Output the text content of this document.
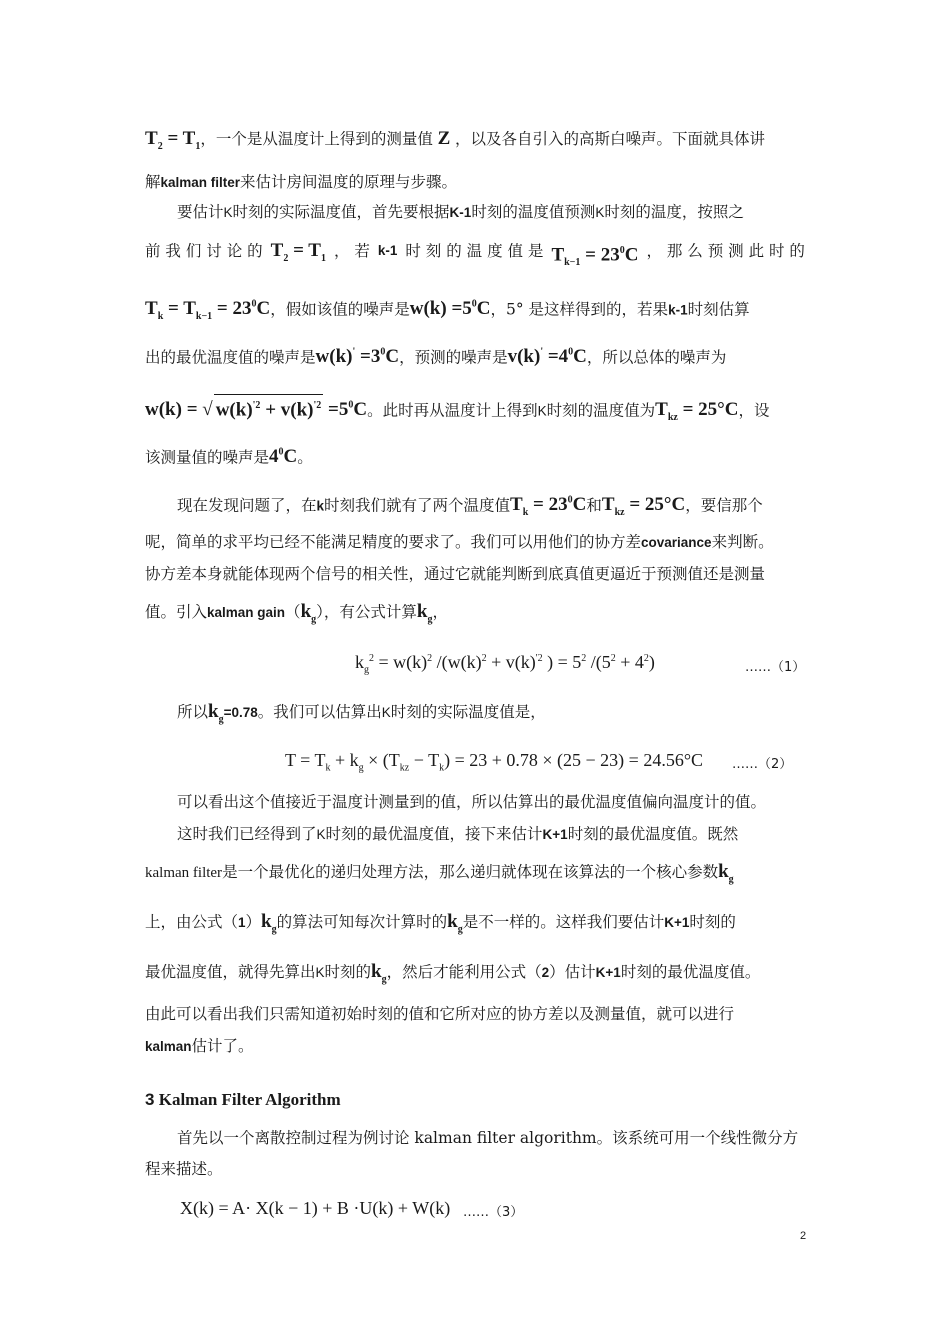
$T_2 = T_1$，一个是从温度计上得到的测量值 Z ，以及各自引入的高斯白噪声。下面就具体讲
解kalman filter来估计房间温度的原理与步骤。
要估计K时刻的实际温度值，首先要根据K-1时刻的温度值预测K时刻的温度，按照之
前 我 们 讨 论 的 $T_2 = T_1$ ， 若 k-1 时 刻 的 温 度 值 是 $T_{k-1} = 23^0C$ ， 那 么 预 测 此 时 的
$T_k = T_{k-1} = 23^0C$，假如该值的噪声是$w(k) =5^0C$，5° 是这样得到的，若果k-1时刻估算
出的最优温度值的噪声是$w(k)' =3^0C$，预测的噪声是$v(k)' =4^0C$，所以总体的噪声为
w(k) = √ $w(k)^{'2} + v(k)^{'2} =5^0C$。此时再从温度计上得到K时刻的温度值为$T_{kz} = 25^\circ C$，设
该测量值的噪声是$4^0C$。
现在发现问题了，在k时刻我们就有了两个温度值$T_k = 23^0C$和$T_{kz} = 25^\circ C$，要信那个
呢，简单的求平均已经不能满足精度的要求了。我们可以用他们的协方差covariance来判断。
协方差本身就能体现两个信号的相关性，通过它就能判断到底真值更逼近于预测值还是测量
值。引入kalman $gain(k_g)$，有公式计算$k_g$，
$k_g^2 = w(k)^2$ $/(w(k)^2 + v(k)^{'2}$ ) = $5^2$ $/(5^2 + 4^2)$	……（1）
所以$k_g=0.78$。我们可以估算出K时刻的实际温度值是，
$T = T_k + k_g \times (T_{kz} - T_k) = 23 + 0.78 \times (25 - 23) = 24.56^\circ C$ ……（2）
可以看出这个值接近于温度计测量到的值，所以估算出的最优温度值偏向温度计的值。
这时我们已经得到了K时刻的最优温度值，接下来估计K+1时刻的最优温度值。既然
kalman filter是一个最优化的递归处理方法，那么递归就体现在该算法的一个核心参数$k_g$
上，由公式$(1)k_g$的算法可知每次计算时的$k_g$是不一样的。这样我们要估计K+1时刻的
最优温度值，就得先算出K时刻的$k_g$，然后才能利用公式（2）估计K+1时刻的最优温度值。
由此可以看出我们只需知道初始时刻的值和它所对应的协方差以及测量值，就可以进行
kalman估计了。
3 Kalman Filter Algorithm
首先以一个离散控制过程为例讨论 kalman filter algorithm。该系统可用一个线性微分方
程来描述。
X(k) = A· X(k − 1) + B ·U(k) + W(k) ……（3）
2
